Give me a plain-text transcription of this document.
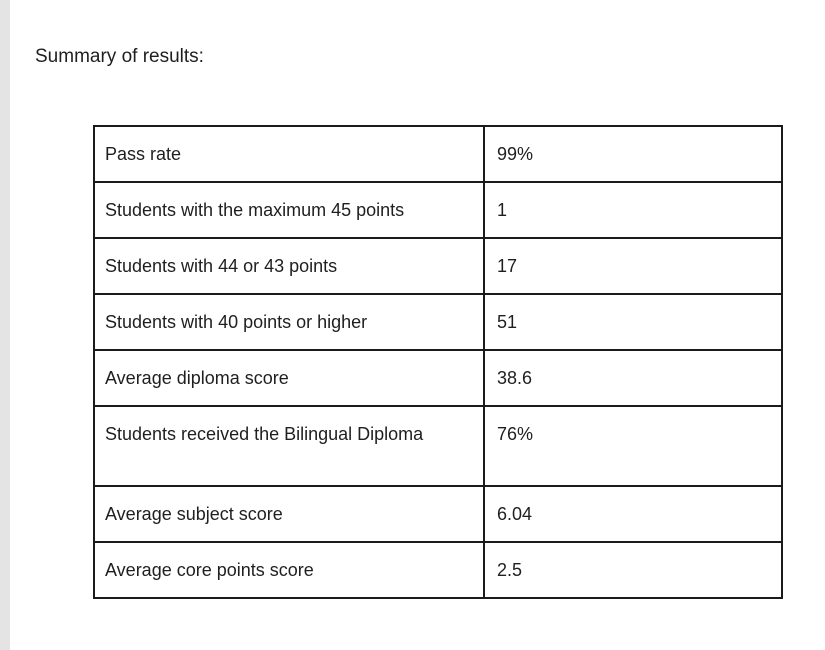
Summary of results:

Pass rate	99%
Students with the maximum 45 points	1
Students with 44 or 43 points	17
Students with 40 points or higher	51
Average diploma score	38.6
Students received the Bilingual Diploma	76%
Average subject score	6.04
Average core points score	2.5
